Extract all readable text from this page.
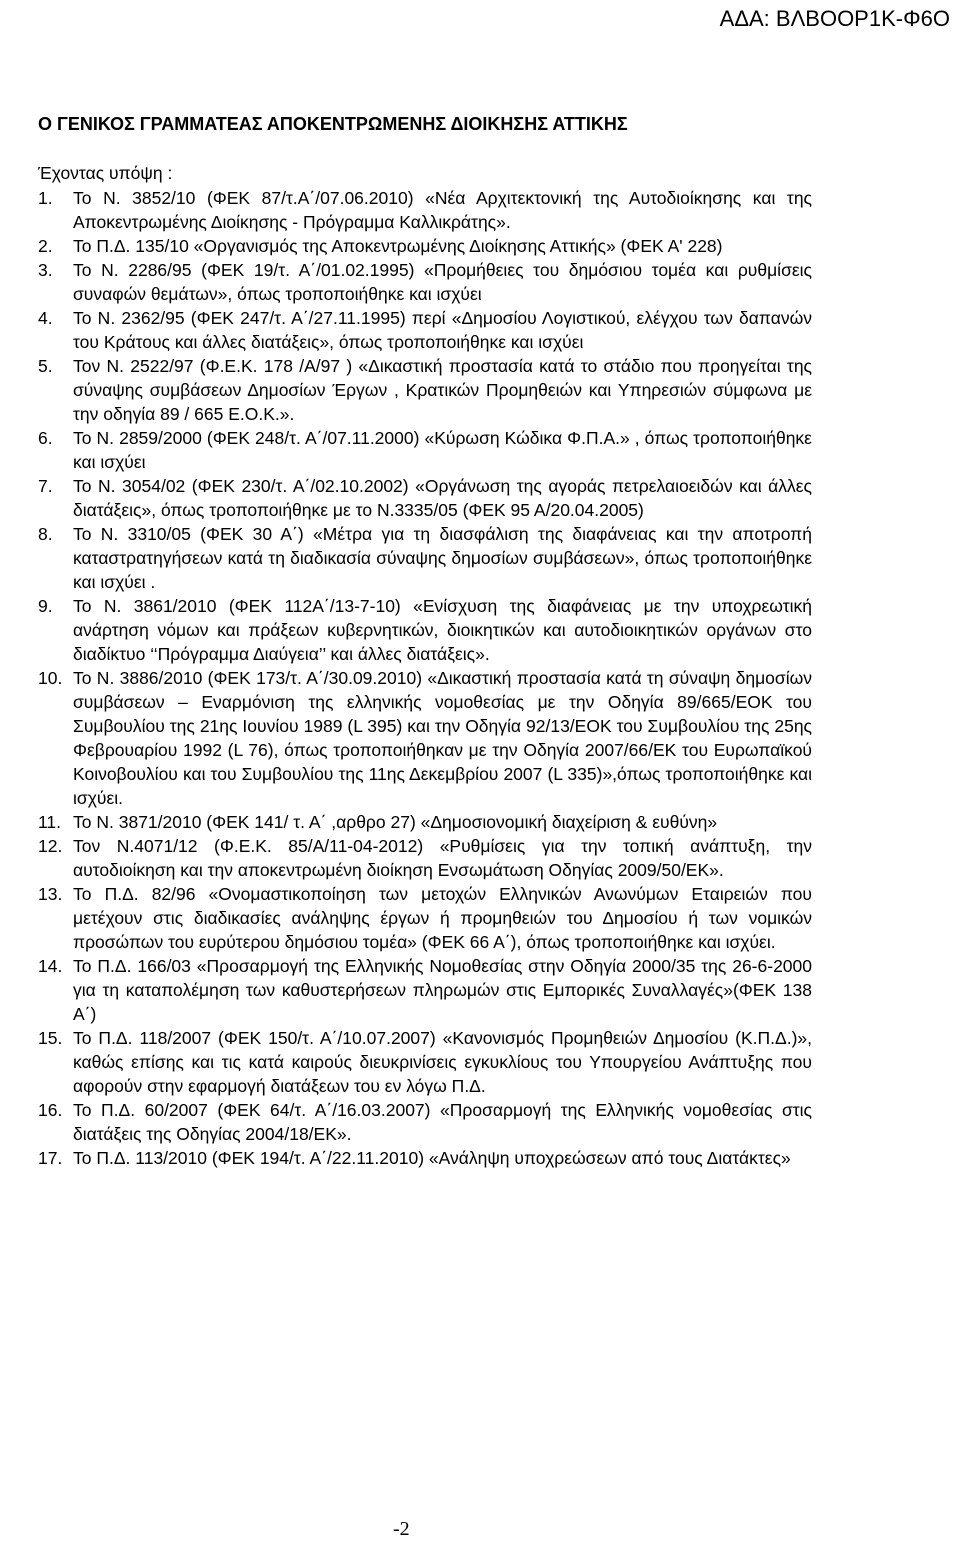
ΑΔΑ: ΒΛΒΟΟΡ1Κ-Φ6Ο
Ο ΓΕΝΙΚΟΣ ΓΡΑΜΜΑΤΕΑΣ ΑΠΟΚΕΝΤΡΩΜΕΝΗΣ ΔΙΟΙΚΗΣΗΣ ΑΤΤΙΚΗΣ
Έχοντας υπόψη :
1. Το Ν. 3852/10 (ΦΕΚ 87/τ.Α΄/07.06.2010) «Νέα Αρχιτεκτονική της Αυτοδιοίκησης και της Αποκεντρωμένης Διοίκησης - Πρόγραμμα Καλλικράτης».
2. Το Π.Δ. 135/10 «Οργανισμός της Αποκεντρωμένης Διοίκησης Αττικής» (ΦΕΚ Α' 228)
3. Το Ν. 2286/95 (ΦΕΚ 19/τ. Α΄/01.02.1995) «Προμήθειες του δημόσιου τομέα και ρυθμίσεις συναφών θεμάτων», όπως τροποποιήθηκε και ισχύει
4. Το Ν. 2362/95 (ΦΕΚ 247/τ. Α΄/27.11.1995) περί «Δημοσίου Λογιστικού, ελέγχου των δαπανών του Κράτους και άλλες διατάξεις», όπως τροποποιήθηκε και ισχύει
5. Τον Ν. 2522/97 (Φ.Ε.Κ. 178 /Α/97 ) «Δικαστική προστασία κατά το στάδιο που προηγείται της σύναψης συμβάσεων Δημοσίων Έργων , Κρατικών Προμηθειών και Υπηρεσιών σύμφωνα με την οδηγία 89 / 665 Ε.Ο.Κ.».
6. Το Ν. 2859/2000 (ΦΕΚ 248/τ. Α΄/07.11.2000) «Κύρωση Κώδικα Φ.Π.Α.» , όπως τροποποιήθηκε και ισχύει
7. Το Ν. 3054/02 (ΦΕΚ 230/τ. Α΄/02.10.2002) «Οργάνωση της αγοράς πετρελαιοειδών και άλλες διατάξεις», όπως τροποποιήθηκε με το Ν.3335/05 (ΦΕΚ 95 Α/20.04.2005)
8. Το Ν. 3310/05 (ΦΕΚ 30 Α΄) «Μέτρα για τη διασφάλιση της διαφάνειας και την αποτροπή καταστρατηγήσεων κατά τη διαδικασία σύναψης δημοσίων συμβάσεων», όπως τροποποιήθηκε και ισχύει .
9. Το Ν. 3861/2010 (ΦΕΚ 112Α΄/13-7-10) «Ενίσχυση της διαφάνειας με την υποχρεωτική ανάρτηση νόμων και πράξεων κυβερνητικών, διοικητικών και αυτοδιοικητικών οργάνων στο διαδίκτυο ‘‘Πρόγραμμα Διαύγεια’’ και άλλες διατάξεις».
10. Το Ν. 3886/2010 (ΦΕΚ 173/τ. Α΄/30.09.2010) «Δικαστική προστασία κατά τη σύναψη δημοσίων συμβάσεων – Εναρμόνιση της ελληνικής νομοθεσίας με την Οδηγία 89/665/ΕΟΚ του Συμβουλίου της 21ης Ιουνίου 1989 (L 395) και την Οδηγία 92/13/ΕΟΚ του Συμβουλίου της 25ης Φεβρουαρίου 1992 (L 76), όπως τροποποιήθηκαν με την Οδηγία 2007/66/ΕΚ του Ευρωπαϊκού Κοινοβουλίου και του Συμβουλίου της 11ης Δεκεμβρίου 2007 (L 335)»,όπως τροποποιήθηκε και ισχύει.
11. Το Ν. 3871/2010 (ΦΕΚ 141/ τ. Α΄ ,αρθρο 27) «Δημοσιονομική διαχείριση & ευθύνη»
12. Τον Ν.4071/12 (Φ.Ε.Κ. 85/Α/11-04-2012) «Ρυθμίσεις για την τοπική ανάπτυξη, την αυτοδιοίκηση και την αποκεντρωμένη διοίκηση Ενσωμάτωση Οδηγίας 2009/50/ΕΚ».
13. Το Π.Δ. 82/96 «Ονομαστικοποίηση των μετοχών Ελληνικών Ανωνύμων Εταιρειών που μετέχουν στις διαδικασίες ανάληψης έργων ή προμηθειών του Δημοσίου ή των νομικών προσώπων του ευρύτερου δημόσιου τομέα» (ΦΕΚ 66 Α΄), όπως τροποποιήθηκε και ισχύει.
14. Το Π.Δ. 166/03 «Προσαρμογή της Ελληνικής Νομοθεσίας στην Οδηγία 2000/35 της 26-6-2000 για τη καταπολέμηση των καθυστερήσεων πληρωμών στις Εμπορικές Συναλλαγές»(ΦΕΚ 138 Α΄)
15. Το Π.Δ. 118/2007 (ΦΕΚ 150/τ. Α΄/10.07.2007) «Κανονισμός Προμηθειών Δημοσίου (Κ.Π.Δ.)», καθώς επίσης και τις κατά καιρούς διευκρινίσεις εγκυκλίους του Υπουργείου Ανάπτυξης που αφορούν στην εφαρμογή διατάξεων του εν λόγω Π.Δ.
16. Το Π.Δ. 60/2007 (ΦΕΚ 64/τ. Α΄/16.03.2007) «Προσαρμογή της Ελληνικής νομοθεσίας στις διατάξεις της Οδηγίας 2004/18/ΕΚ».
17. Το Π.Δ. 113/2010 (ΦΕΚ 194/τ. Α΄/22.11.2010) «Ανάληψη υποχρεώσεων από τους Διατάκτες»
-2
